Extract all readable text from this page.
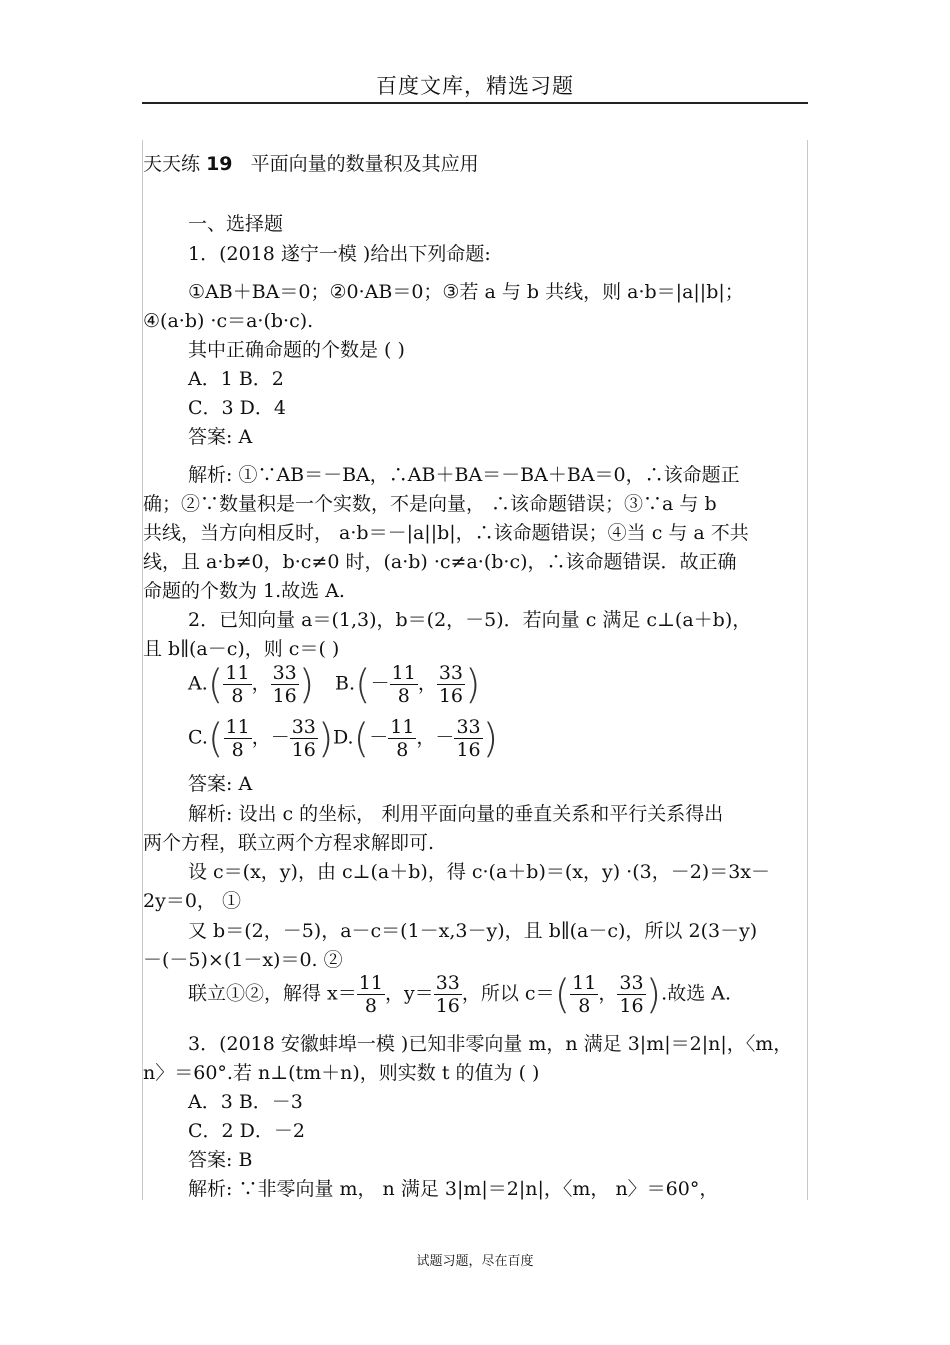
百度文库，精选习题
天天练 19 平面向量的数量积及其应用
一、选择题
1．(2018 遂宁一模 )给出下列命题:
①AB＋BA＝0；②0·AB＝0；③若 a 与 b 共线，则 a·b＝|a||b|；
④(a·b) ·c＝a·(b·c).
其中正确命题的个数是 ( )
A．1 B．2
C．3 D．4
答案: A
解析: ①∵AB＝－BA，∴AB＋BA＝－BA＋BA＝0，∴该命题正
确；②∵数量积是一个实数，不是向量， ∴该命题错误；③∵a 与 b
共线，当方向相反时， a·b＝－|a||b|，∴该命题错误；④当 c 与 a 不共
线，且 a·b≠0，b·c≠0 时，(a·b) ·c≠a·(b·c)，∴该命题错误．故正确
命题的个数为 1.故选 A.
2．已知向量 a＝(1,3)，b＝(2，－5)．若向量 c 满足 c⊥(a＋b)，
且 b∥(a－c)，则 c＝( )
$A.( \frac{11}{8}$ ， $\frac{33}{16}$ ) $B.(- \frac{11}{8}$ ， $\frac{33}{16}$ )
$C.( \frac{11}{8}$ ，－ $\frac{33}{16}$ ) $D.(- \frac{11}{8}$ ，－ $\frac{33}{16}$ )
答案: A
解析: 设出 c 的坐标， 利用平面向量的垂直关系和平行关系得出
两个方程，联立两个方程求解即可.
设 c＝(x，y)，由 c⊥(a＋b)，得 c·(a＋b)＝(x，y) ·(3，－2)＝3x－
2y＝0， ①
又 b＝(2，－5)，a－c＝(1－x,3－y)，且 b∥(a－c)，所以 2(3－y)
－(－5)×(1－x)＝0. ②
联立①②，解得 $x= \frac{11}{8}$ ，$y= \frac{33}{16}$ ，所以 $c=( \frac{11}{8}$ ， $\frac{33}{16}$ ).故选 A.
3．(2018 安徽蚌埠一模 )已知非零向量 m，n 满足 3|m|＝2|n|，〈m，
n〉＝60°.若 n⊥(tm＋n)，则实数 t 的值为 ( )
A．3 B．－3
C．2 D．－2
答案: B
解析: ∵非零向量 m， n 满足 3|m|＝2|n|，〈m， n〉＝60°，
试题习题，尽在百度
